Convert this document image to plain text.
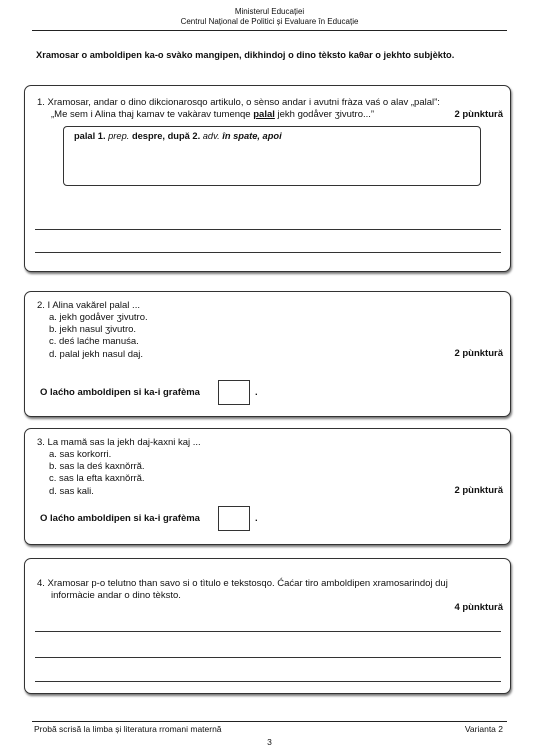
Ministerul Educației
Centrul Național de Politici și Evaluare în Educație
Xramosar o amboldipen ka-o svàko mangipen, dikhindoj o dino tèksto kaθar o jekhto subjèkto.
1. Xramosar, andar o dino dikcionarosqo artikulo, o sènso andar i avutni fràza vaś o alav „palal”:
„Me sem i Alina thaj kamav te vakàrav tumenqe palal jekh godåver ʒivutro...”	2 pùnktură
palal 1. prep. despre, după 2. adv. în spate, apoi
2. I Alina vakărel palal ...
a. jekh godåver ʒivutro.
b. jekh nasul ʒivutro.
c. deś laćhe manuśa.
d. palal jekh nasul daj.	2 pùnktură
O laćho amboldipen si ka-i grafèma	.
3. La mamă sas la jekh daj-kaxni kaj ...
a. sas korkorri.
b. sas la deś kaxnǒrră.
c. sas la efta kaxnǒrră.
d. sas kali.	2 pùnktură
O laćho amboldipen si ka-i grafèma	.
4. Xramosar p-o telutno than savo si o tìtulo e tekstosqo. Ćaćar tiro amboldipen xramosarindoj duj
informàcie andar o dino tèksto.
4 pùnktură
Probă scrisă la limba și literatura rromani maternă	Varianta 2
3
